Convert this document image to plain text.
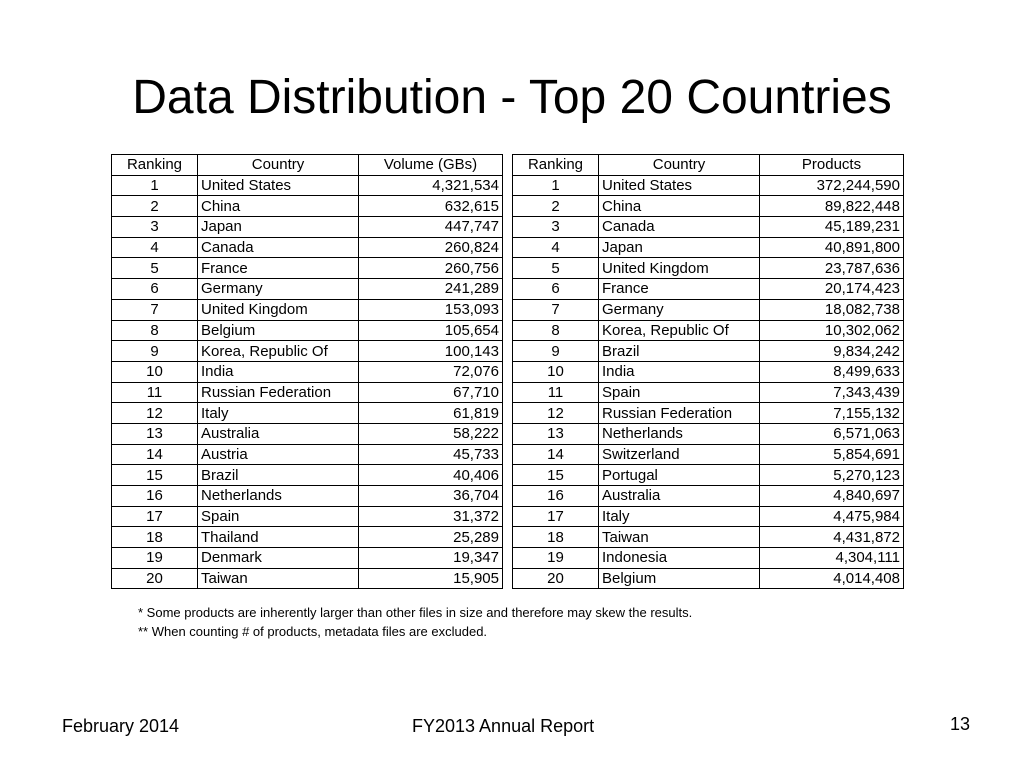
Data Distribution - Top 20 Countries
Ranking	Country	Volume (GBs)
1	United States	4,321,534
2	China	632,615
3	Japan	447,747
4	Canada	260,824
5	France	260,756
6	Germany	241,289
7	United Kingdom	153,093
8	Belgium	105,654
9	Korea, Republic Of	100,143
10	India	72,076
11	Russian Federation	67,710
12	Italy	61,819
13	Australia	58,222
14	Austria	45,733
15	Brazil	40,406
16	Netherlands	36,704
17	Spain	31,372
18	Thailand	25,289
19	Denmark	19,347
20	Taiwan	15,905
Ranking	Country	Products
1	United States	372,244,590
2	China	89,822,448
3	Canada	45,189,231
4	Japan	40,891,800
5	United Kingdom	23,787,636
6	France	20,174,423
7	Germany	18,082,738
8	Korea, Republic Of	10,302,062
9	Brazil	9,834,242
10	India	8,499,633
11	Spain	7,343,439
12	Russian Federation	7,155,132
13	Netherlands	6,571,063
14	Switzerland	5,854,691
15	Portugal	5,270,123
16	Australia	4,840,697
17	Italy	4,475,984
18	Taiwan	4,431,872
19	Indonesia	4,304,111
20	Belgium	4,014,408
* Some products are inherently larger than other files in size and therefore may skew the results.
** When counting # of products, metadata files are excluded.
February 2014	FY2013 Annual Report	13
